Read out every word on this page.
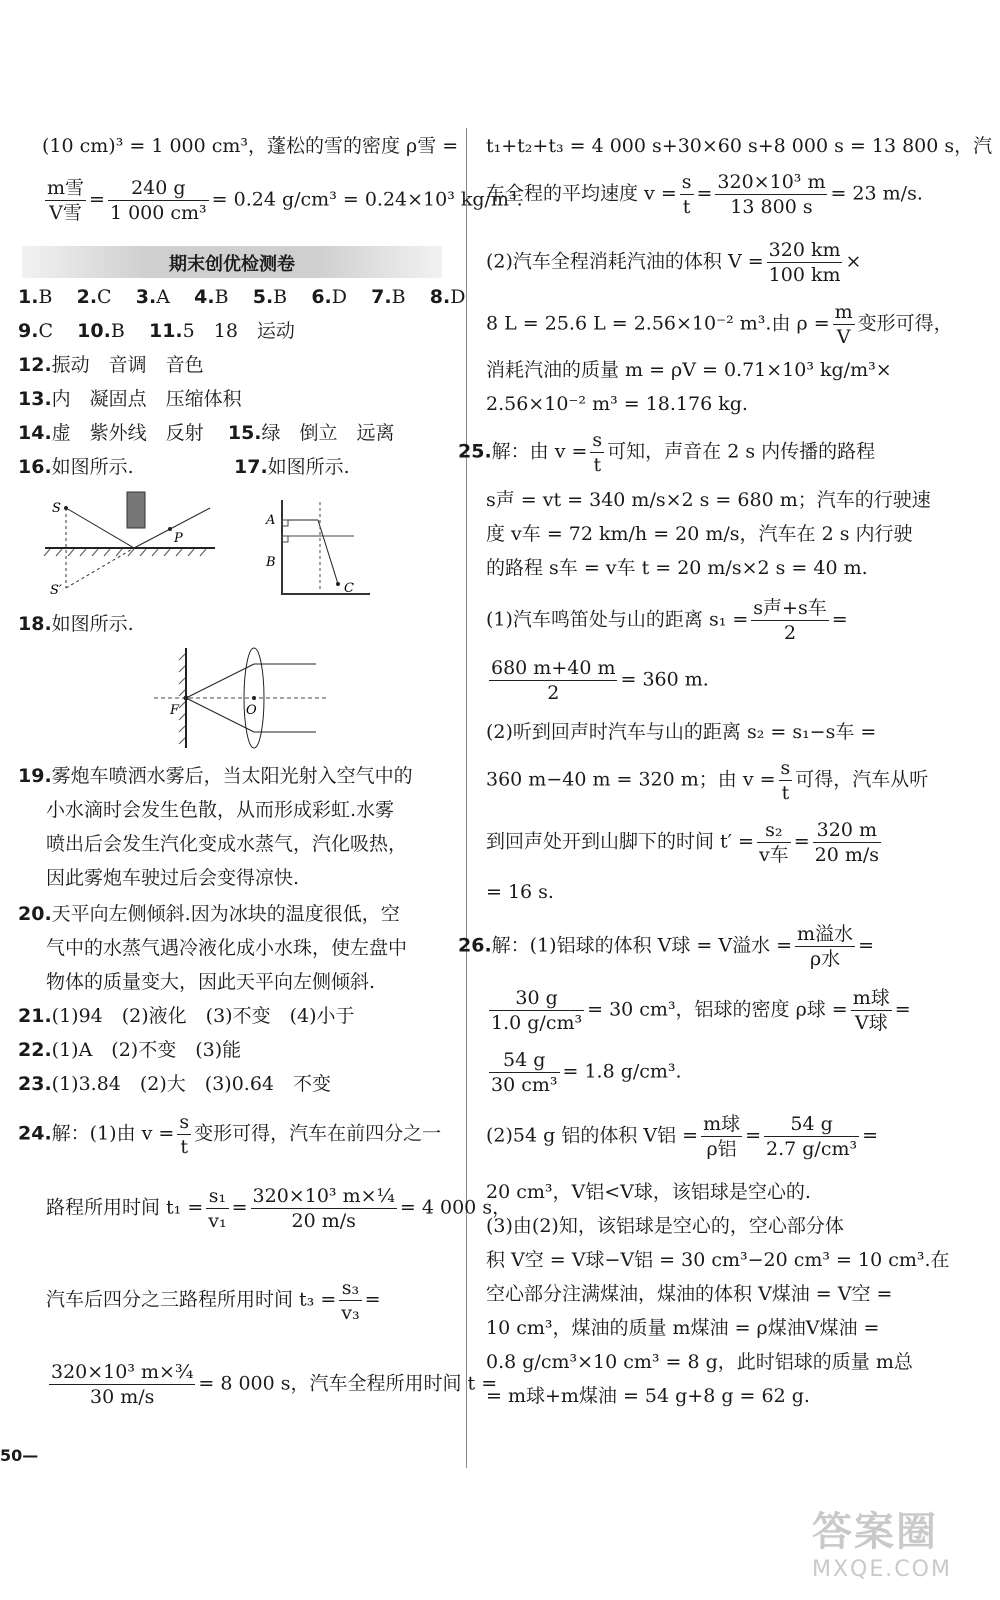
(10 cm)³ = 1 000 cm³，蓬松的雪的密度 ρ雪 =
$\frac{\text{m雪}}{\text{V雪}} = \frac{240 g}{\text{1 000 cm³}} = 0.24$ g/cm³ = 0.24×10³ kg/m³.
期末创优检测卷
1.B 2.C 3.A 4.B 5.B 6.D 7.B 8.D
9.C 10.B 11.5　18　运动
12.振动　音调　音色
13.内　凝固点　压缩体积
14.虚　紫外线　反射 15.绿　倒立　远离
16.如图所示.	17.如图所示.
S
S′
P
A
B
C
18.如图所示.
F	O
19.雾炮车喷洒水雾后，当太阳光射入空气中的
小水滴时会发生色散，从而形成彩虹.水雾
喷出后会发生汽化变成水蒸气，汽化吸热，
因此雾炮车驶过后会变得凉快.
20.天平向左侧倾斜.因为冰块的温度很低，空
气中的水蒸气遇冷液化成小水珠，使左盘中
物体的质量变大，因此天平向左侧倾斜.
21.(1)94　(2)液化　(3)不变　(4)小于
22.(1)A　(2)不变　(3)能
23.(1)3.84　(2)大　(3)0.64　不变
24.解：(1)由 $v = \frac{s}{t}$ 变形可得，汽车在前四分之一
路程所用时间 $t_1 = \frac{\text{s₁}}{\text{v₁}} = \frac{\text{320×10³ m×¼}}{20 m/s} = 4$ 000 s，
汽车后四分之三路程所用时间 $t_3 = \frac{\text{s₃}}{\text{v₃}}$ =
$\frac{\text{320×10³ m×¾}}{30 m/s} = 8$ 000 s，汽车全程所用时间 t =
50—
t₁+t₂+t₃ = 4 000 s+30×60 s+8 000 s = 13 800 s，汽
车全程的平均速度 $v = \frac{s}{t} = \frac{\text{320×10³ m}}{13 800 s} = 23$ m/s.
(2)汽车全程消耗汽油的体积 $V = \frac{320 km}{100 km}$ ×
8 L = 25.6 L = 2.56×10⁻² m³.由 $\rho = \frac{m}{V}$ 变形可得，
消耗汽油的质量 m = ρV = 0.71×10³ kg/m³×
2.56×10⁻² m³ = 18.176 kg.
25.解：由 $v = \frac{s}{t}$ 可知，声音在 2 s 内传播的路程
s声 = vt = 340 m/s×2 s = 680 m；汽车的行驶速
度 v车 = 72 km/h = 20 m/s，汽车在 2 s 内行驶
的路程 s车 = v车 t = 20 m/s×2 s = 40 m.
(1)汽车鸣笛处与山的距离 $s_1 = \frac{\text{s声+s车}}{2}$ =
$\frac{680 m+40 m}{2} = 360$ m.
(2)听到回声时汽车与山的距离 s₂ = s₁−s车 =
360 m−40 m = 320 m；由 $v = \frac{s}{t}$ 可得，汽车从听
到回声处开到山脚下的时间 $t' = \frac{\text{s₂}}{\text{v车}} = \frac{320 m}{20 m/s}$
= 16 s.
26.解：(1)铝球的体积 V球 = V溢水 = $\frac{\text{m溢水}}{\text{ρ水}}$ =
$\frac{30 g}{\text{1.0 g/cm³}} = 30$ cm³，铝球的密度 ρ球 = $\frac{\text{m球}}{\text{V球}}$ =
$\frac{54 g}{\text{30 cm³}} = 1.8$ g/cm³.
(2)54 g 铝的体积 V铝 = $\frac{\text{m球}}{\text{ρ铝}} = \frac{54 g}{\text{2.7 g/cm³}}$ =
20 cm³，V铝<V球，该铝球是空心的.
(3)由(2)知，该铝球是空心的，空心部分体
积 V空 = V球−V铝 = 30 cm³−20 cm³ = 10 cm³.在
空心部分注满煤油，煤油的体积 V煤油 = V空 =
10 cm³，煤油的质量 m煤油 = ρ煤油V煤油 =
0.8 g/cm³×10 cm³ = 8 g，此时铝球的质量 m总
= m球+m煤油 = 54 g+8 g = 62 g.
答案圈
MXQE.COM
